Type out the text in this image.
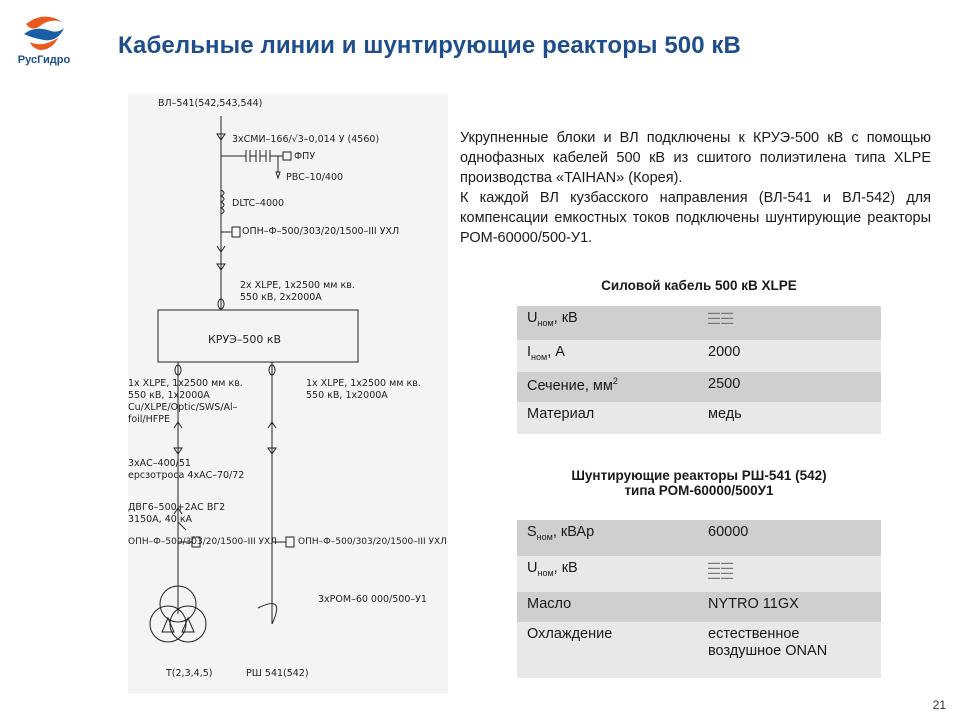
РусГидро
Кабельные линии и шунтирующие реакторы 500 кВ
ВЛ–541(542,543,544)
3хСМИ–166/√3–0,014 У (4560)
ФПУ
РВС–10/400
DLTC–4000
ОПН–Ф–500/303/20/1500–III УХЛ
2х XLPE, 1х2500 мм кв.
550 кВ, 2х2000А
КРУЭ–500 кВ
1х XLPE, 1х2500 мм кв.
550 кВ, 1х2000А
Cu/XLPE/Optic/SWS/Al–
foil/HFPE
1х XLPE, 1х2500 мм кв.
550 кВ, 1х2000А
3хАС–400/51
ерсзотроса 4хАС–70/72
ДВГ6–500+2АС ВГ2
3150А, 40 кА
ОПН–Ф–500/303/20/1500–III УХЛ ОПН–Ф–500/303/20/1500–III УХЛ
3хРОМ–60 000/500–У1
Т(2,3,4,5)	РШ 541(542)

Укрупненные блоки и ВЛ подключены к КРУЭ-500 кВ с помощью однофазных кабелей 500 кВ из сшитого полиэтилена типа XLPE производства «TAIHAN» (Корея).

К каждой ВЛ кузбасского направления (ВЛ-541 и ВЛ-542) для компенсации емкостных токов подключены шунтирующие реакторы РОМ-60000/500-У1.

Силовой кабель 500 кВ XLPE
$U_{ном}$, кВ	▬▬▬ ▬▬▬
▬▬▬ ▬▬▬
▬▬▬ ▬▬▬
$I_{ном}$, А	2000
Сечение, $мм^2$	2500
Материал	медь
Шунтирующие реакторы РШ-541 (542)
типа РОМ-60000/500У1
$S_{ном}$, кВАр	60000
$U_{ном}$, кВ	▬▬▬ ▬▬▬
▬▬▬ ▬▬▬
▬▬▬ ▬▬▬
▬▬▬ ▬▬▬
Масло	NYTRO 11GX
Охлаждение	естественное воздушное ONAN
21
